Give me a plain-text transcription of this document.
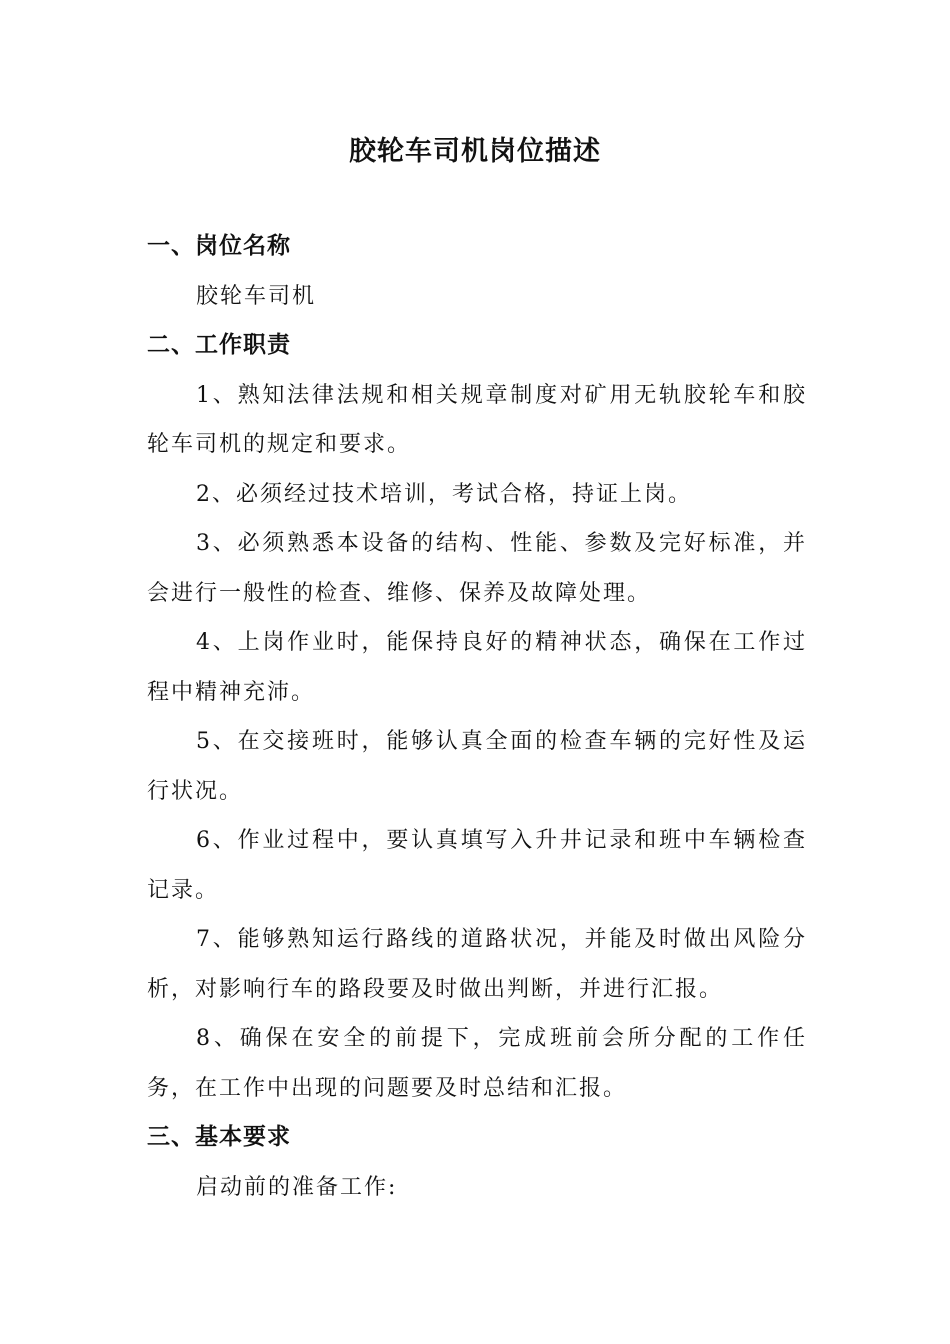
胶轮车司机岗位描述
一、岗位名称

胶轮车司机

二、工作职责

1、熟知法律法规和相关规章制度对矿用无轨胶轮车和胶轮车司机的规定和要求。

2、必须经过技术培训，考试合格，持证上岗。

3、必须熟悉本设备的结构、性能、参数及完好标准，并会进行一般性的检查、维修、保养及故障处理。

4、上岗作业时，能保持良好的精神状态，确保在工作过程中精神充沛。

5、在交接班时，能够认真全面的检查车辆的完好性及运行状况。

6、作业过程中，要认真填写入升井记录和班中车辆检查记录。

7、能够熟知运行路线的道路状况，并能及时做出风险分析，对影响行车的路段要及时做出判断，并进行汇报。

8、确保在安全的前提下，完成班前会所分配的工作任务，在工作中出现的问题要及时总结和汇报。

三、基本要求

启动前的准备工作:
